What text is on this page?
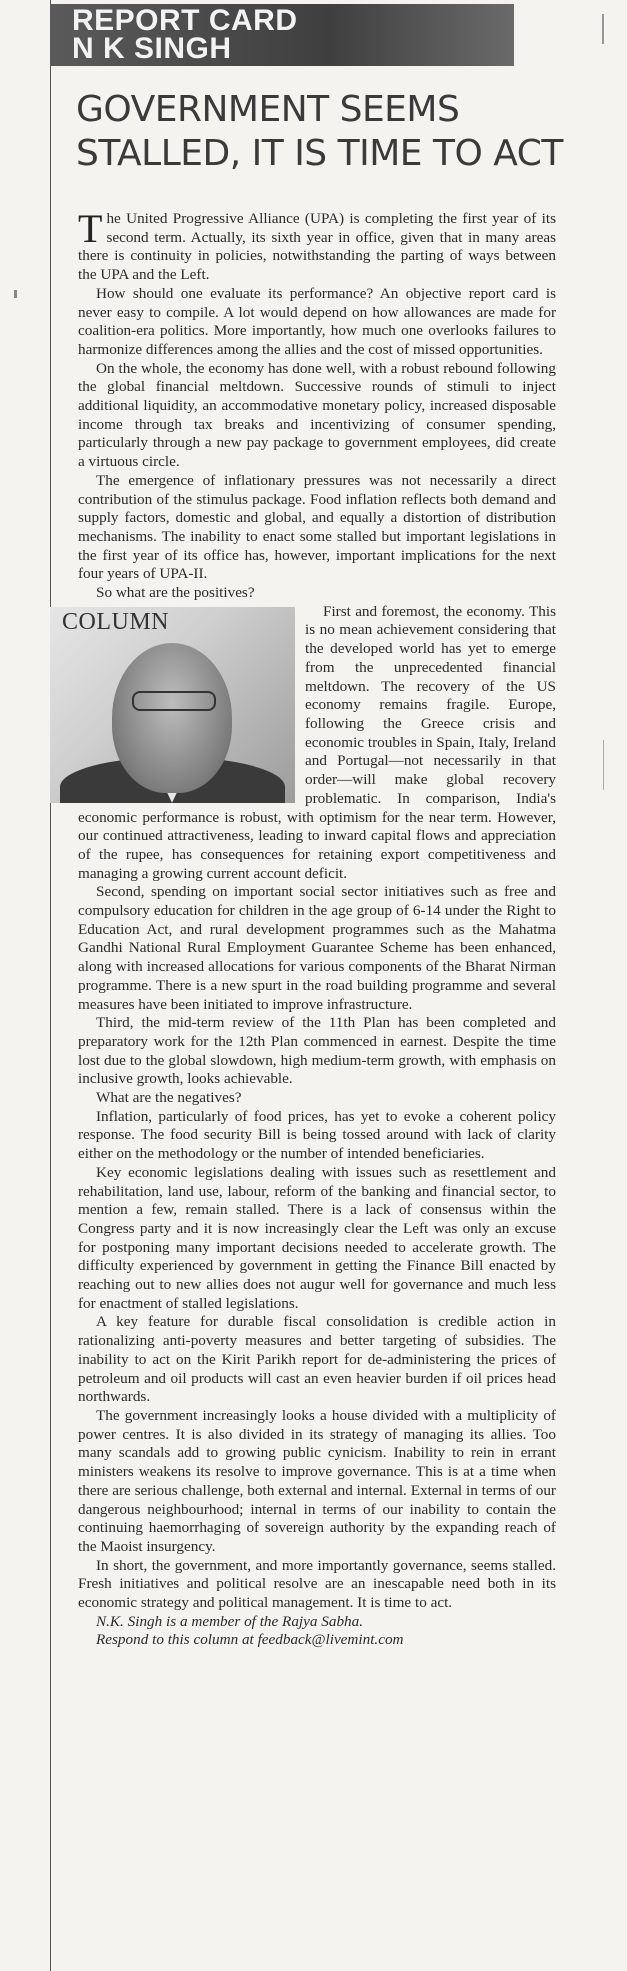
REPORT CARD
N K SINGH
GOVERNMENT SEEMS STALLED, IT IS TIME TO ACT

The United Progressive Alliance (UPA) is completing the first year of its second term. Actually, its sixth year in office, given that in many areas there is continuity in policies, notwithstanding the parting of ways between the UPA and the Left.

How should one evaluate its performance? An objective report card is never easy to compile. A lot would depend on how allowances are made for coalition-era politics. More importantly, how much one overlooks failures to harmonize differences among the allies and the cost of missed opportunities.

On the whole, the economy has done well, with a robust rebound following the global financial meltdown. Successive rounds of stimuli to inject additional liquidity, an accommodative monetary policy, increased disposable income through tax breaks and incentivizing of consumer spending, particularly through a new pay package to government employees, did create a virtuous circle.

The emergence of inflationary pressures was not necessarily a direct contribution of the stimulus package. Food inflation reflects both demand and supply factors, domestic and global, and equally a distortion of distribution mechanisms. The inability to enact some stalled but important legislations in the first year of its office has, however, important implications for the next four years of UPA-II.

So what are the positives?

COLUMN	First and foremost, the economy. This is no mean achievement considering that the developed world has yet to emerge from the unprecedented financial meltdown. The recovery of the US economy remains fragile. Europe, following the Greece crisis and economic troubles in Spain, Italy, Ireland and Portugal—not necessarily in that order—will make global recovery problematic. In comparison, India's economic performance is robust, with optimism for the near term. However, our continued attractiveness, leading to inward capital flows and appreciation of the rupee, has consequences for retaining export competitiveness and managing a growing current account deficit.

Second, spending on important social sector initiatives such as free and compulsory education for children in the age group of 6-14 under the Right to Education Act, and rural development programmes such as the Mahatma Gandhi National Rural Employment Guarantee Scheme has been enhanced, along with increased allocations for various components of the Bharat Nirman programme. There is a new spurt in the road building programme and several measures have been initiated to improve infrastructure.

Third, the mid-term review of the 11th Plan has been completed and preparatory work for the 12th Plan commenced in earnest. Despite the time lost due to the global slowdown, high medium-term growth, with emphasis on inclusive growth, looks achievable.

What are the negatives?

Inflation, particularly of food prices, has yet to evoke a coherent policy response. The food security Bill is being tossed around with lack of clarity either on the methodology or the number of intended beneficiaries.

Key economic legislations dealing with issues such as resettlement and rehabilitation, land use, labour, reform of the banking and financial sector, to mention a few, remain stalled. There is a lack of consensus within the Congress party and it is now increasingly clear the Left was only an excuse for postponing many important decisions needed to accelerate growth. The difficulty experienced by government in getting the Finance Bill enacted by reaching out to new allies does not augur well for governance and much less for enactment of stalled legislations.

A key feature for durable fiscal consolidation is credible action in rationalizing anti-poverty measures and better targeting of subsidies. The inability to act on the Kirit Parikh report for de-administering the prices of petroleum and oil products will cast an even heavier burden if oil prices head northwards.

The government increasingly looks a house divided with a multiplicity of power centres. It is also divided in its strategy of managing its allies. Too many scandals add to growing public cynicism. Inability to rein in errant ministers weakens its resolve to improve governance. This is at a time when there are serious challenge, both external and internal. External in terms of our dangerous neighbourhood; internal in terms of our inability to contain the continuing haemorrhaging of sovereign authority by the expanding reach of the Maoist insurgency.

In short, the government, and more importantly governance, seems stalled. Fresh initiatives and political resolve are an inescapable need both in its economic strategy and political management. It is time to act.

N.K. Singh is a member of the Rajya Sabha.

Respond to this column at feedback@livemint.com
